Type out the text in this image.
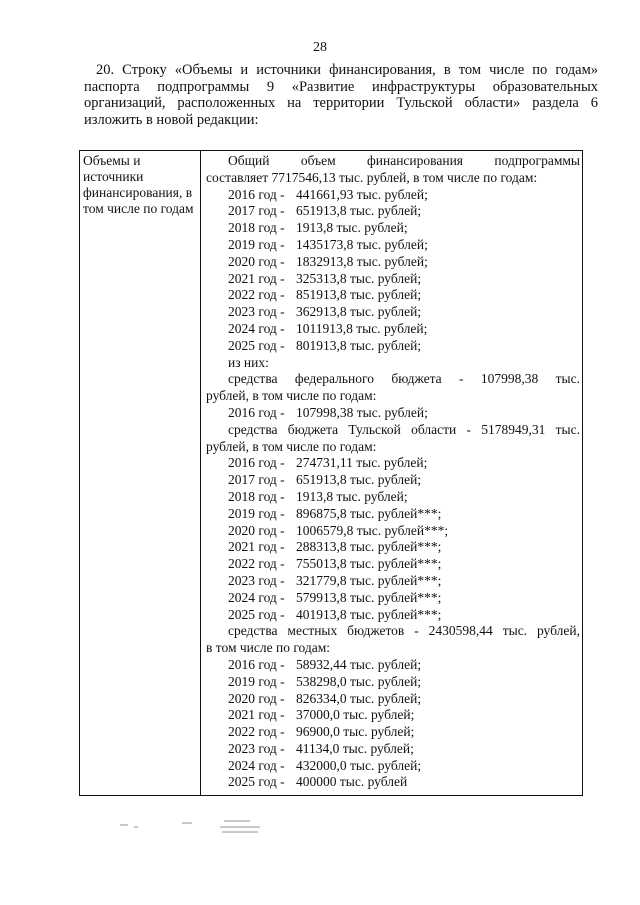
28
20. Строку «Объемы и источники финансирования, в том числе по годам»
паспорта подпрограммы 9 «Развитие инфраструктуры образовательных
организаций, расположенных на территории Тульской области» раздела 6
изложить в новой редакции:
Объемы и источники финансирования, в том числе по годам
Общий объем финансирования подпрограммы
составляет 7717546,13 тыс. рублей, в том числе по годам:
2016 год - 441661,93 тыс. рублей;
2017 год - 651913,8 тыс. рублей;
2018 год - 1913,8 тыс. рублей;
2019 год - 1435173,8 тыс. рублей;
2020 год - 1832913,8 тыс. рублей;
2021 год - 325313,8 тыс. рублей;
2022 год - 851913,8 тыс. рублей;
2023 год - 362913,8 тыс. рублей;
2024 год - 1011913,8 тыс. рублей;
2025 год - 801913,8 тыс. рублей;
из них:
средства федерального бюджета - 107998,38 тыс.
рублей, в том числе по годам:
2016 год - 107998,38 тыс. рублей;
средства бюджета Тульской области - 5178949,31 тыс.
рублей, в том числе по годам:
2016 год - 274731,11 тыс. рублей;
2017 год - 651913,8 тыс. рублей;
2018 год - 1913,8 тыс. рублей;
2019 год - 896875,8 тыс. рублей***;
2020 год - 1006579,8 тыс. рублей***;
2021 год - 288313,8 тыс. рублей***;
2022 год - 755013,8 тыс. рублей***;
2023 год - 321779,8 тыс. рублей***;
2024 год - 579913,8 тыс. рублей***;
2025 год - 401913,8 тыс. рублей***;
средства местных бюджетов - 2430598,44 тыс. рублей,
в том числе по годам:
2016 год - 58932,44 тыс. рублей;
2019 год - 538298,0 тыс. рублей;
2020 год - 826334,0 тыс. рублей;
2021 год - 37000,0 тыс. рублей;
2022 год - 96900,0 тыс. рублей;
2023 год - 41134,0 тыс. рублей;
2024 год - 432000,0 тыс. рублей;
2025 год - 400000 тыс. рублей
